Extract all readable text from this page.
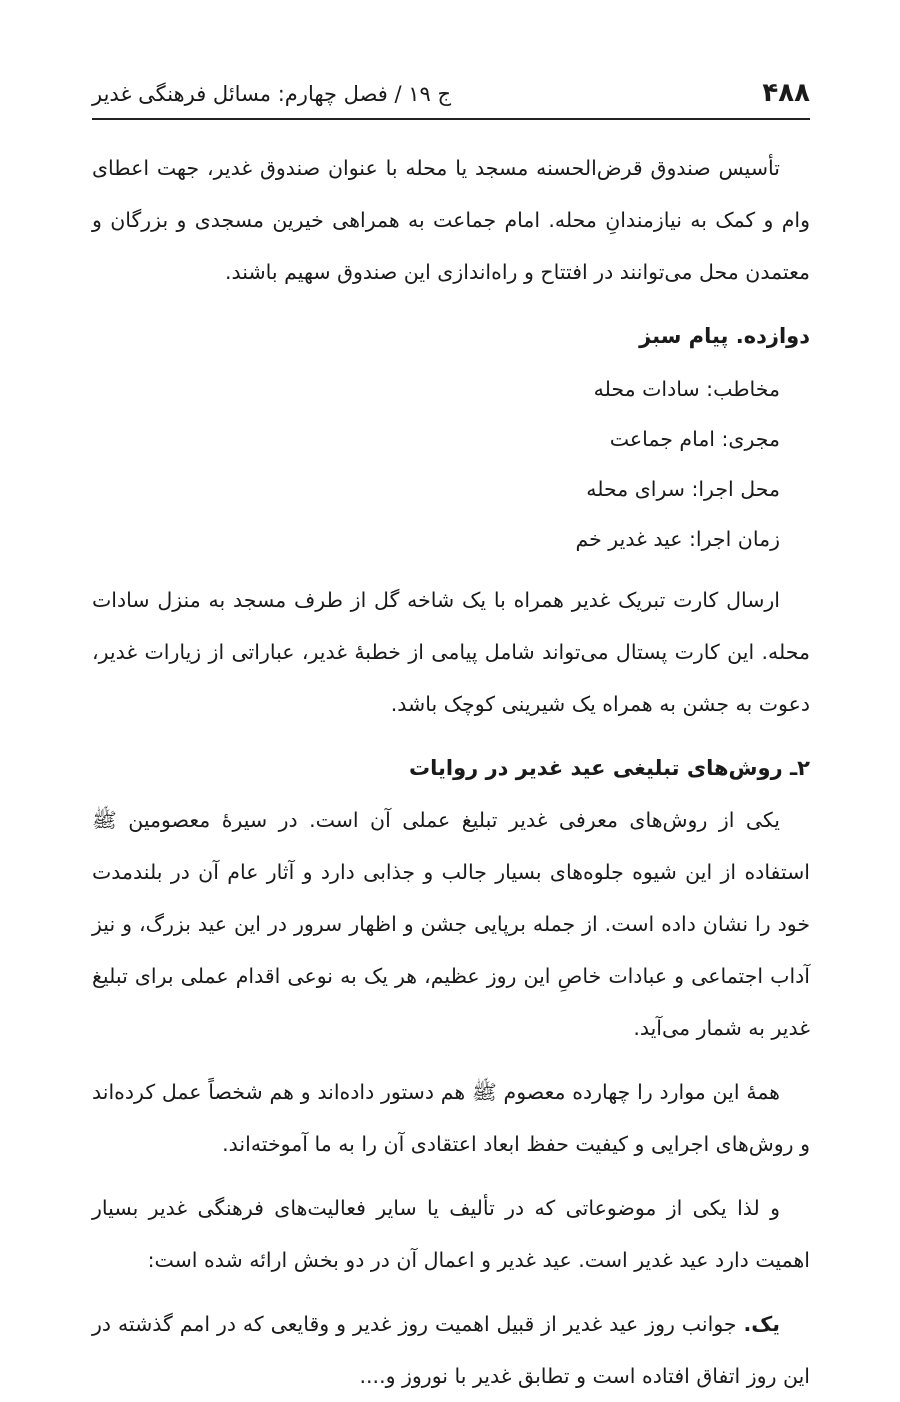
۴۸۸
ج ۱۹ / فصل چهارم: مسائل فرهنگی غدیر

تأسیس صندوق قرض‌الحسنه مسجد یا محله با عنوان صندوق غدیر، جهت اعطای وام و کمک به نیازمندانِ محله. امام جماعت به همراهی خیرین مسجدی و بزرگان و معتمدن محل می‌توانند در افتتاح و راه‌اندازی این صندوق سهیم باشند.

دوازده. پیام سبز
مخاطب: سادات محله
مجری: امام جماعت
محل اجرا: سرای محله
زمان اجرا: عید غدیر خم

ارسال کارت تبریک غدیر همراه با یک شاخه گل از طرف مسجد به منزل سادات محله. این کارت پستال می‌تواند شامل پیامی از خطبهٔ غدیر، عباراتی از زیارات غدیر، دعوت به جشن به همراه یک شیرینی کوچک باشد.

۲ـ روش‌های تبلیغی عید غدیر در روایات

یکی از روش‌های معرفی غدیر تبلیغ عملی آن است. در سیرهٔ معصومین ﷺ استفاده از این شیوه جلوه‌های بسیار جالب و جذابی دارد و آثار عام آن در بلندمدت خود را نشان داده است. از جمله برپایی جشن و اظهار سرور در این عید بزرگ، و نیز آداب اجتماعی و عبادات خاصِ این روز عظیم، هر یک به نوعی اقدام عملی برای تبلیغ غدیر به شمار می‌آید.

همهٔ این موارد را چهارده معصوم ﷺ هم دستور داده‌اند و هم شخصاً عمل کرده‌اند و روش‌های اجرایی و کیفیت حفظ ابعاد اعتقادی آن را به ما آموخته‌اند.

و لذا یکی از موضوعاتی که در تألیف یا سایر فعالیت‌های فرهنگی غدیر بسیار اهمیت دارد عید غدیر است. عید غدیر و اعمال آن در دو بخش ارائه شده است:

یک. جوانب روز عید غدیر از قبیل اهمیت روز غدیر و وقایعی که در امم گذشته در این روز اتفاق افتاده است و تطابق غدیر با نوروز و....
